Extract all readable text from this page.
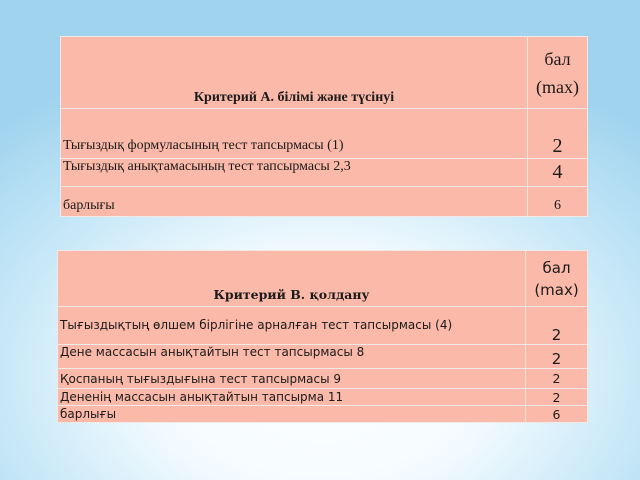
Критерий А. білімі және түсінуі	бал
(max)

Тығыздық формуласының тест тапсырмасы (1)	2
Тығыздық анықтамасының тест тапсырмасы 2,3	4
барлығы	6
Критерий В. қолдану	бал
(max)

Тығыздықтың өлшем бірлігіне арналған тест тапсырмасы (4)	2
Дене массасын анықтайтын тест тапсырмасы 8	2
Қоспаның тығыздығына тест тапсырмасы 9	2
Дененің массасын анықтайтын тапсырма 11	2
барлығы	6
